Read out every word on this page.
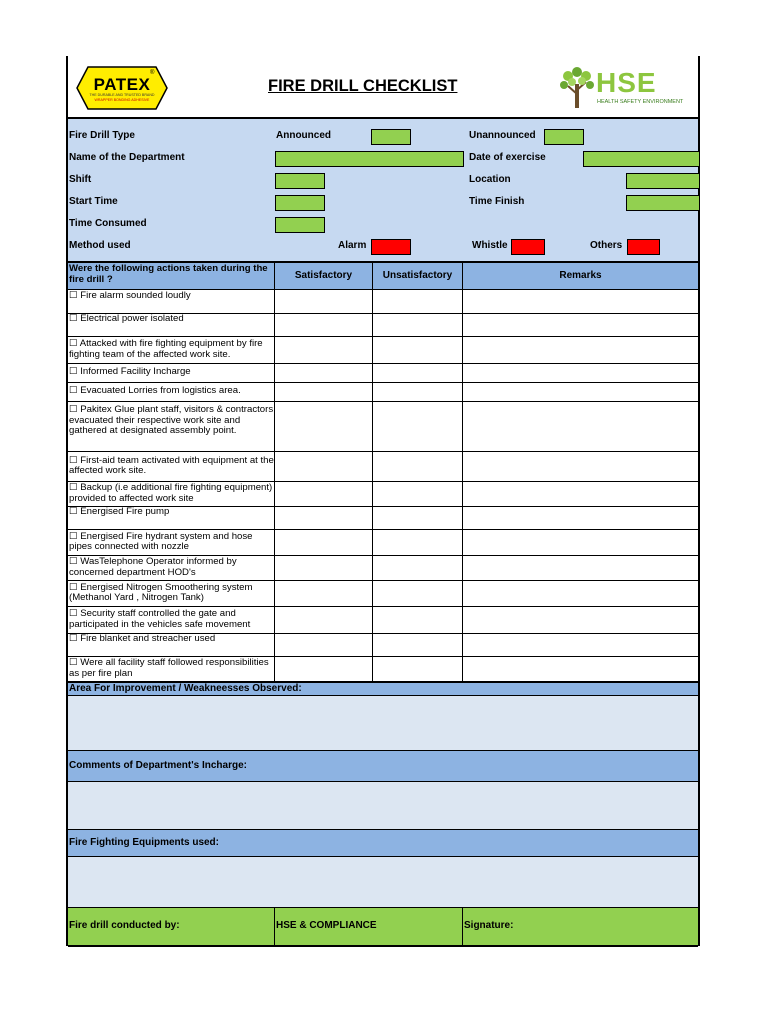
PATEX
®
THE DURABLE AND TRUSTED BRAND
WRAPPER BONDING ADHESIVE
FIRE DRILL CHECKLIST	HSE
HEALTH SAFETY ENVIRONMENT
Fire Drill Type	Announced	Unannounced
Name of the Department	Date of exercise
Shift	Location
Start Time	Time Finish
Time Consumed
Method used	Alarm	Whistle	Others
Were the following actions taken during the fire drill ?	Satisfactory	Unsatisfactory	Remarks
☐ Fire alarm sounded loudly
☐ Electrical power isolated
☐ Attacked with fire fighting equipment by fire fighting team of the affected work site.
☐ Informed Facility Incharge
☐ Evacuated Lorries from logistics area.
☐ Pakitex Glue plant staff, visitors & contractors evacuated their respective work site and gathered at designated assembly point.
☐ First-aid team activated with equipment at the affected work site.
☐ Backup (i.e additional fire fighting equipment) provided to affected work site
☐ Energised Fire pump
☐ Energised Fire hydrant system and hose pipes connected with nozzle
☐ WasTelephone Operator informed by concerned department HOD's
☐ Energised Nitrogen Smoothering system (Methanol Yard , Nitrogen Tank)
☐ Security staff controlled the gate and participated in the vehicles safe movement
☐ Fire blanket and streacher used
☐ Were all facility staff followed responsibilities as per fire plan
Area For Improvement / Weakneesses Observed:
Comments of Department's Incharge:
Fire Fighting Equipments used:
Fire drill conducted by:	HSE & COMPLIANCE	Signature:
